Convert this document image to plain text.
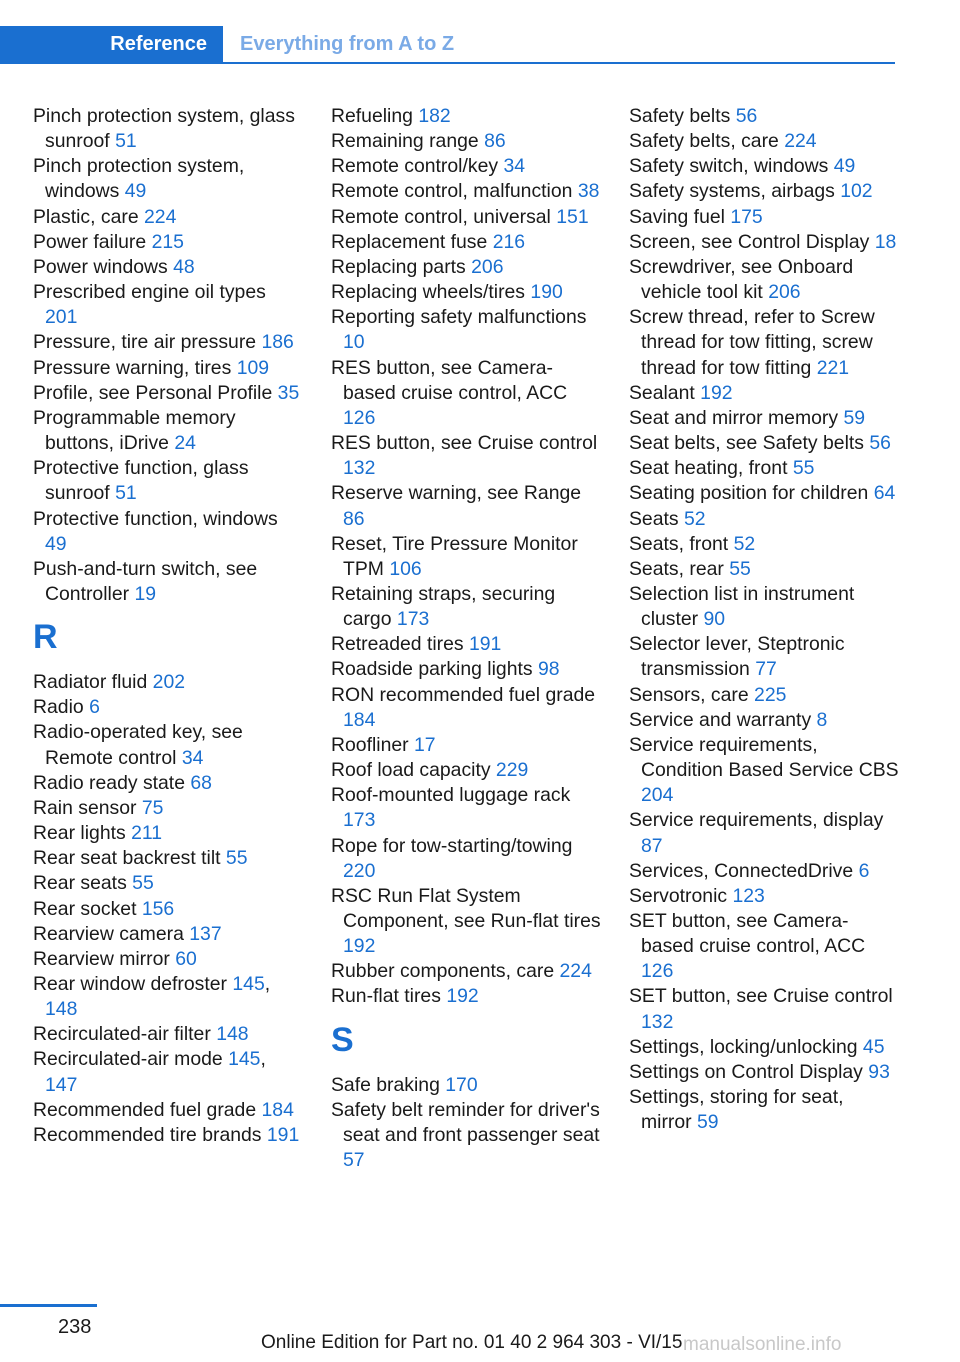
Reference	Everything from A to Z
Pinch protection system, glass sunroof 51
Pinch protection system, windows 49
Plastic, care 224
Power failure 215
Power windows 48
Prescribed engine oil types 201
Pressure, tire air pressure 186
Pressure warning, tires 109
Profile, see Personal Profile 35
Programmable memory buttons, iDrive 24
Protective function, glass sunroof 51
Protective function, windows 49
Push-and-turn switch, see Controller 19
R
Radiator fluid 202
Radio 6
Radio-operated key, see Remote control 34
Radio ready state 68
Rain sensor 75
Rear lights 211
Rear seat backrest tilt 55
Rear seats 55
Rear socket 156
Rearview camera 137
Rearview mirror 60
Rear window defroster 145, 148
Recirculated-air filter 148
Recirculated-air mode 145, 147
Recommended fuel grade 184
Recommended tire brands 191
Refueling 182
Remaining range 86
Remote control/key 34
Remote control, malfunction 38
Remote control, universal 151
Replacement fuse 216
Replacing parts 206
Replacing wheels/tires 190
Reporting safety malfunctions 10
RES button, see Camera-based cruise control, ACC 126
RES button, see Cruise control 132
Reserve warning, see Range 86
Reset, Tire Pressure Monitor TPM 106
Retaining straps, securing cargo 173
Retreaded tires 191
Roadside parking lights 98
RON recommended fuel grade 184
Roofliner 17
Roof load capacity 229
Roof-mounted luggage rack 173
Rope for tow-starting/towing 220
RSC Run Flat System Component, see Run-flat tires 192
Rubber components, care 224
Run-flat tires 192
S
Safe braking 170
Safety belt reminder for driver's seat and front passenger seat 57
Safety belts 56
Safety belts, care 224
Safety switch, windows 49
Safety systems, airbags 102
Saving fuel 175
Screen, see Control Display 18
Screwdriver, see Onboard vehicle tool kit 206
Screw thread, refer to Screw thread for tow fitting, screw thread for tow fitting 221
Sealant 192
Seat and mirror memory 59
Seat belts, see Safety belts 56
Seat heating, front 55
Seating position for children 64
Seats 52
Seats, front 52
Seats, rear 55
Selection list in instrument cluster 90
Selector lever, Steptronic transmission 77
Sensors, care 225
Service and warranty 8
Service requirements, Condition Based Service CBS 204
Service requirements, display 87
Services, ConnectedDrive 6
Servotronic 123
SET button, see Camera-based cruise control, ACC 126
SET button, see Cruise control 132
Settings, locking/unlocking 45
Settings on Control Display 93
Settings, storing for seat, mirror 59
238
Online Edition for Part no. 01 40 2 964 303 - VI/15 manualsonline.info
